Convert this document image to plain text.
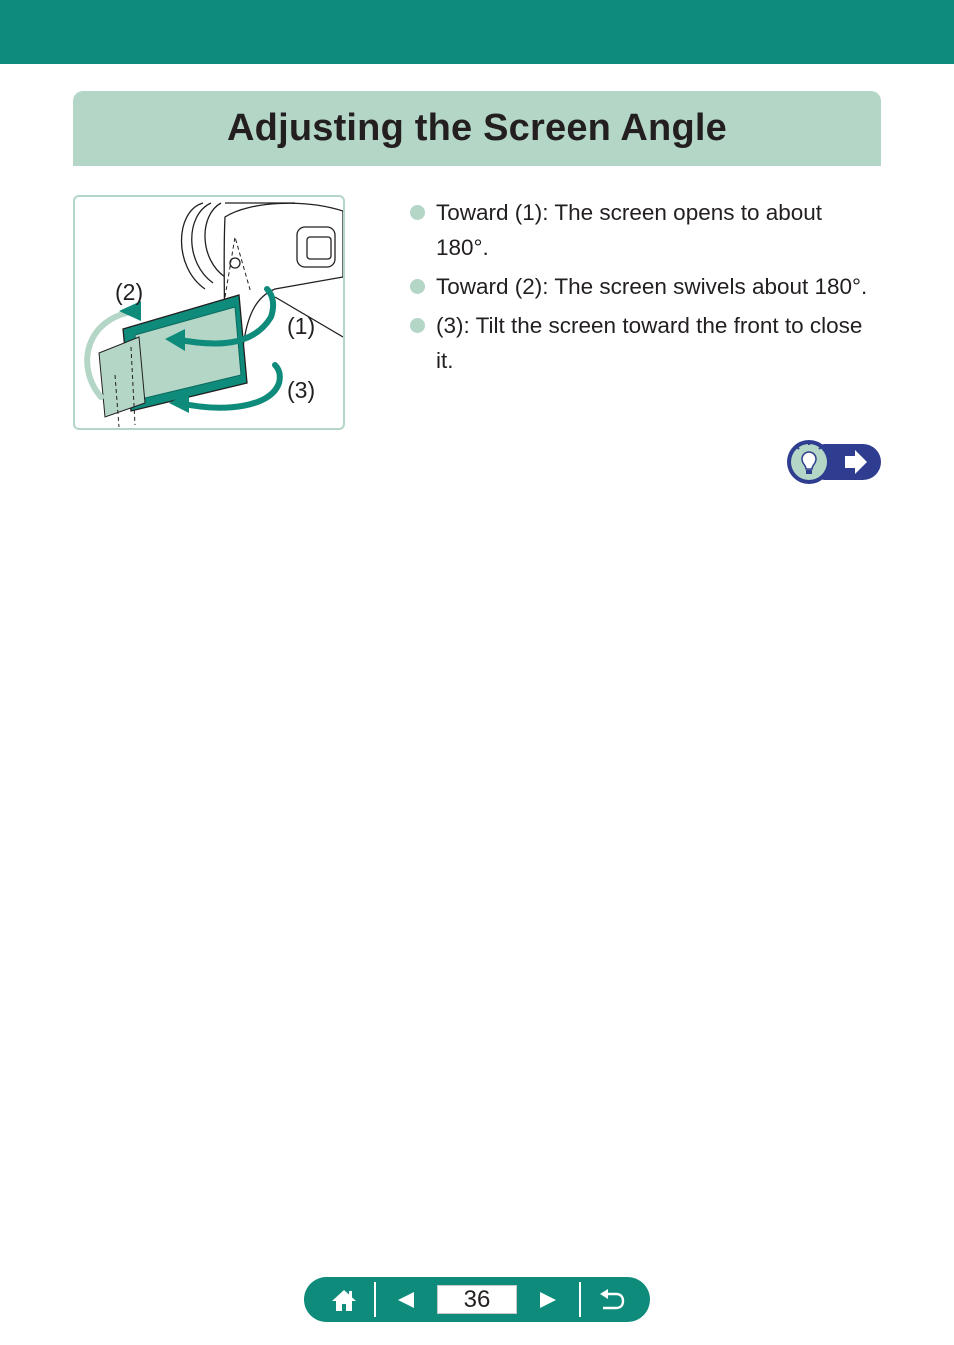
Adjusting the Screen Angle
(2)
(1)
(3)
Toward (1): The screen opens to about 180°.
Toward (2): The screen swivels about 180°.
(3): Tilt the screen toward the front to close it.
36
